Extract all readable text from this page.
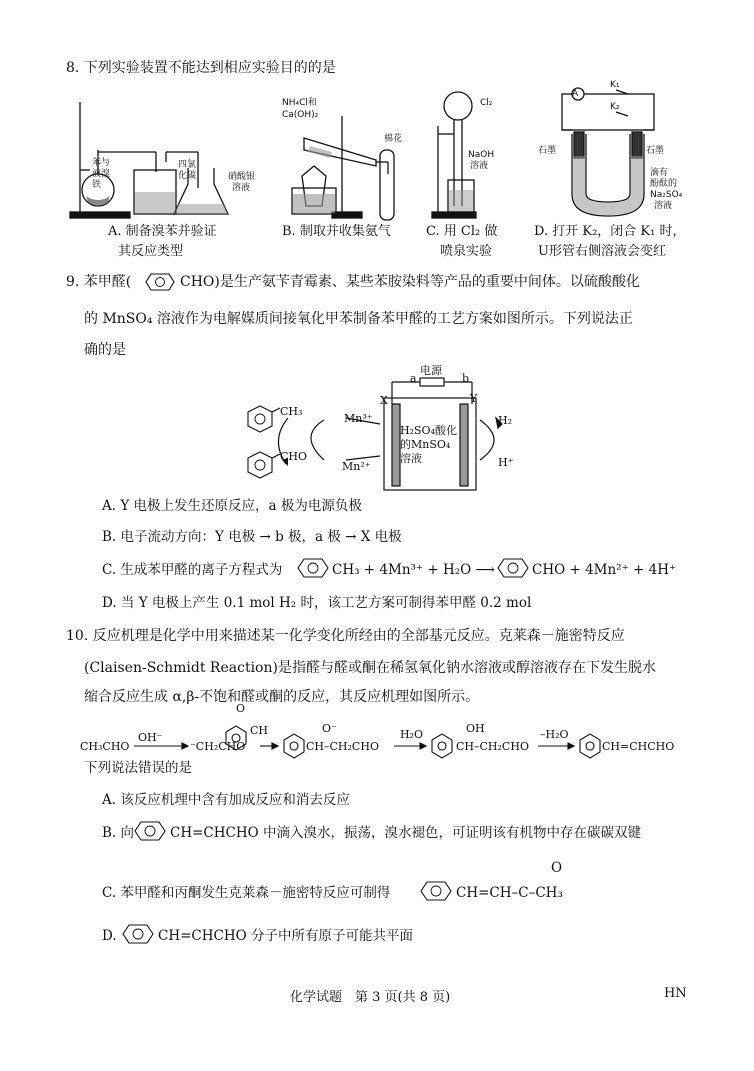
8. 下列实验装置不能达到相应实验目的的是
苯与
液溴
铁
四氯
化碳	硝酸银
溶液
A. 制备溴苯并验证
其反应类型
NH₄Cl和
Ca(OH)₂
棉花
B. 制取并收集氨气
Cl₂
NaOH
溶液
C. 用 Cl₂ 做
喷泉实验
A
K₁
K₂
石墨	石墨
滴有
酚酞的
Na₂SO₄
溶液
D. 打开 K₂，闭合 K₁ 时，
U形管右侧溶液会变红
9. 苯甲醛(	CHO)是生产氨苄青霉素、某些苯胺染料等产品的重要中间体。以硫酸酸化
的 MnSO₄ 溶液作为电解媒质间接氧化甲苯制备苯甲醛的工艺方案如图所示。下列说法正
确的是
电源
a	b
X	Y
CH₃
Mn³⁺
H₂SO₄酸化
的MnSO₄
溶液
H₂
H⁺
CHO
Mn²⁺
A. Y 电极上发生还原反应，a 极为电源负极
B. 电子流动方向：Y 电极 → b 极，a 极 → X 电极
C. 生成苯甲醛的离子方程式为	CH₃ + 4Mn³⁺ + H₂O ⟶	CHO + 4Mn²⁺ + 4H⁺
D. 当 Y 电极上产生 0.1 mol H₂ 时，该工艺方案可制得苯甲醛 0.2 mol
10. 反应机理是化学中用来描述某一化学变化所经由的全部基元反应。克莱森－施密特反应
(Claisen-Schmidt Reaction)是指醛与醛或酮在稀氢氧化钠水溶液或醇溶液存在下发生脱水
缩合反应生成 α,β-不饱和醛或酮的反应，其反应机理如图所示。
CH₃CHO
OH⁻
⁻CH₂CHO
O
CH	O⁻
CH–CH₂CHO
H₂O	OH
CH–CH₂CHO
–H₂O
CH=CHCHO
下列说法错误的是
A. 该反应机理中含有加成反应和消去反应
B. 向	CH=CHCHO 中滴入溴水，振荡，溴水褪色，可证明该有机物中存在碳碳双键
O
C. 苯甲醛和丙酮发生克莱森－施密特反应可制得	CH=CH–C–CH₃
D.	CH=CHCHO 分子中所有原子可能共平面
化学试题　第 3 页(共 8 页)	HN
